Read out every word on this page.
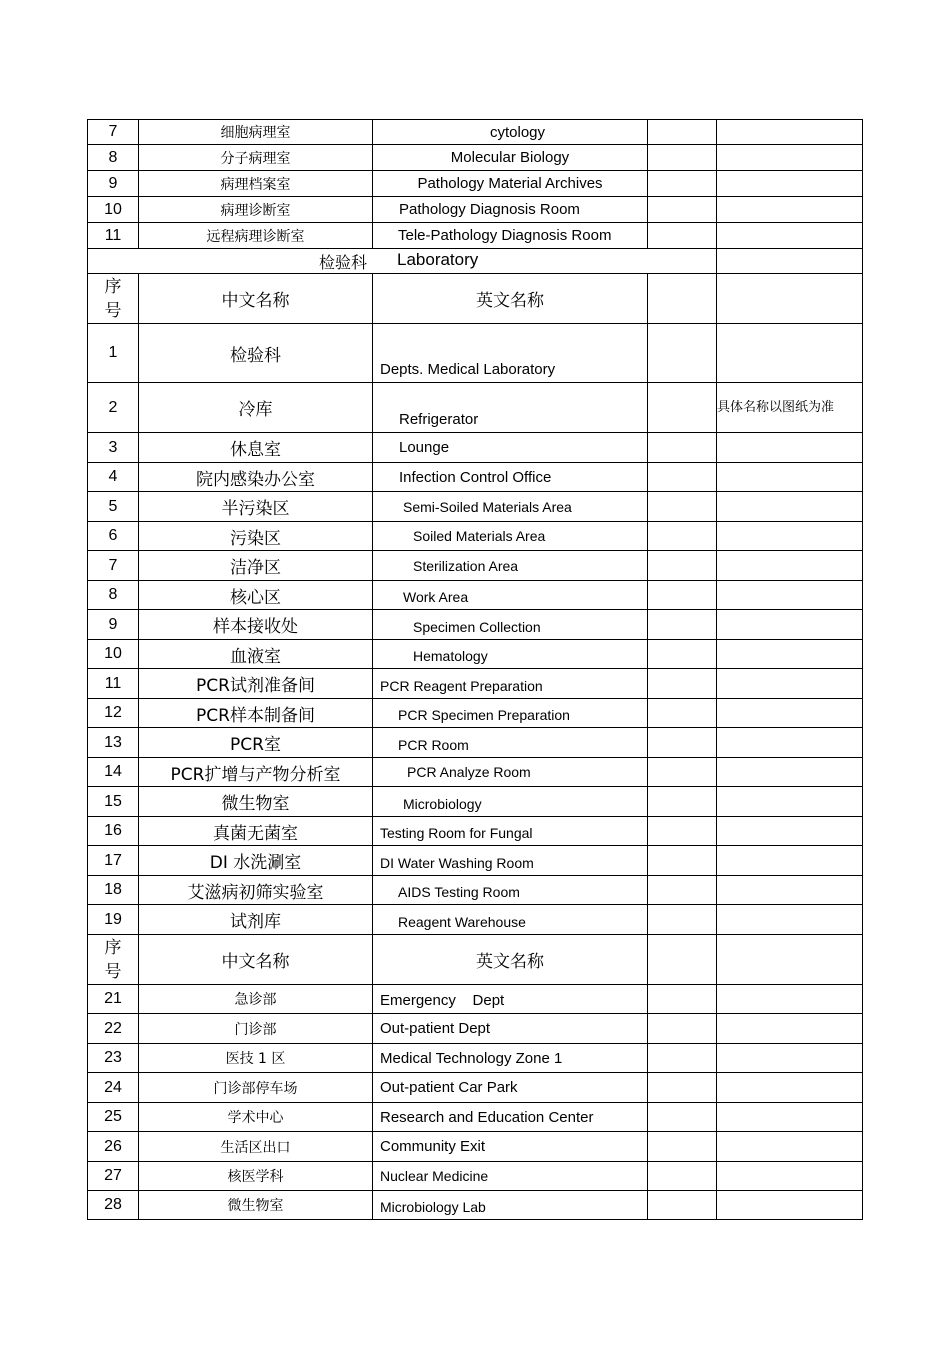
7	细胞病理室	cytology		
8	分子病理室	Molecular Biology		
9	病理档案室	Pathology Material Archives		
10	病理诊断室	Pathology Diagnosis Room		
11	远程病理诊断室	Tele-Pathology Diagnosis Room		

检验科 Laboratory				

序
号	中文名称	英文名称		
1	检验科	Depts. Medical Laboratory		
2	冷库	Refrigerator		具体名称以图纸为准
3	休息室	Lounge		
4	院内感染办公室	Infection Control Office		
5	半污染区	Semi-Soiled Materials Area		
6	污染区	Soiled Materials Area		
7	洁净区	Sterilization Area		
8	核心区	Work Area		
9	样本接收处	Specimen Collection		
10	血液室	Hematology		
11	PCR试剂准备间	PCR Reagent Preparation		
12	PCR样本制备间	PCR Specimen Preparation		
13	PCR室	PCR Room		
14	PCR扩增与产物分析室	PCR Analyze Room		
15	微生物室	Microbiology		
16	真菌无菌室	Testing Room for Fungal		
17	DI 水洗涮室	DI Water Washing Room		
18	艾滋病初筛实验室	AIDS Testing Room		
19	试剂库	Reagent Warehouse		

序
号	中文名称	英文名称		
21	急诊部	Emergency    Dept		
22	门诊部	Out-patient Dept		
23	医技 1 区	Medical Technology Zone 1		
24	门诊部停车场	Out-patient Car Park		
25	学术中心	Research and Education Center		
26	生活区出口	Community Exit		
27	核医学科	Nuclear Medicine		
28	微生物室	Microbiology Lab		
